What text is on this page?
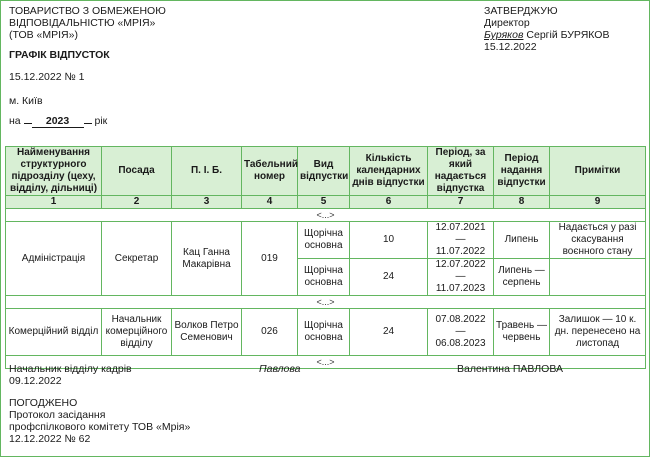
ТОВАРИСТВО З ОБМЕЖЕНОЮ
ВІДПОВІДАЛЬНІСТЮ «МРІЯ»
(ТОВ «МРІЯ»)
ЗАТВЕРДЖУЮ
Директор
Буряков Сергій БУРЯКОВ
15.12.2022
ГРАФІК ВІДПУСТОК
15.12.2022 № 1
м. Київ
на 2023 рік
Найменування структурного підрозділу (цеху, відділу, дільниці)	Посада	П. І. Б.	Табельний номер	Вид відпустки	Кількість календарних днів відпустки	Період, за який надається відпустка	Період надання відпустки	Примітки
1	2	3	4	5	6	7	8	9
<...>								
Адміністрація	Секретар	Кац Ганна Макарівна	019	Щорічна основна	10	12.07.2021 — 11.07.2022	Липень	Надається у разі скасування воєнного стану
				Щорічна основна	24	12.07.2022 — 11.07.2023	Липень — серпень	
<...>								
Комерційний відділ	Начальник комерційного відділу	Волков Петро Семенович	026	Щорічна основна	24	07.08.2022 — 06.08.2023	Травень — червень	Залишок — 10 к. дн. перенесено на листопад
<...>								
Начальник відділу кадрів	Павлова	Валентина ПАВЛОВА
09.12.2022
ПОГОДЖЕНО
Протокол засідання
профспілкового комітету ТОВ «Мрія»
12.12.2022 № 62
